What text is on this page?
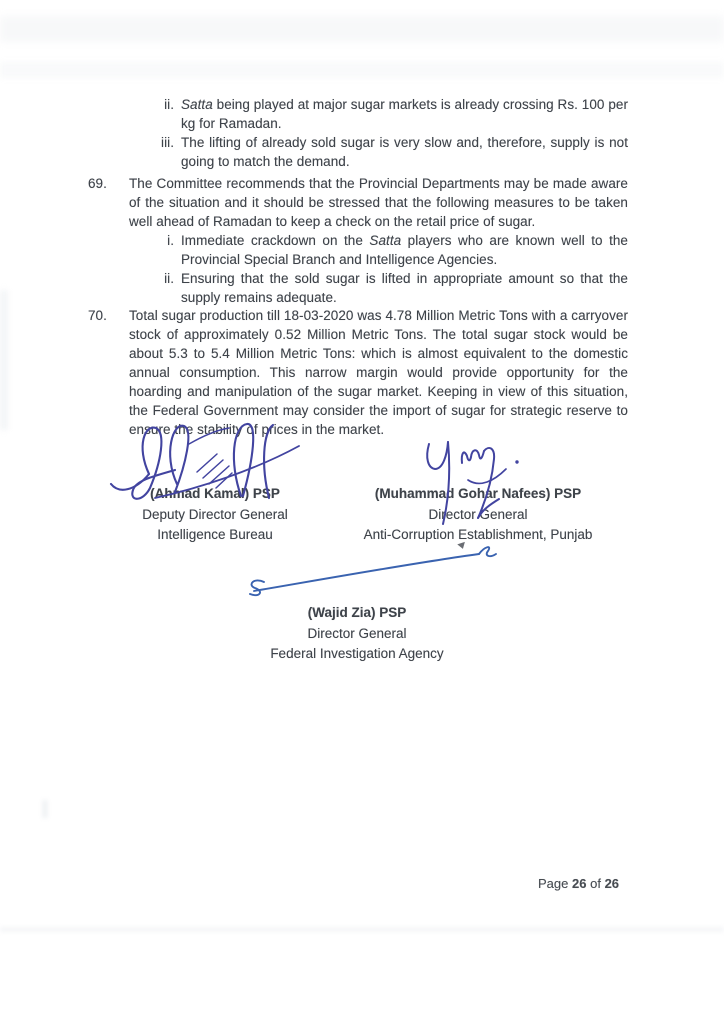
ii. Satta being played at major sugar markets is already crossing Rs. 100 per kg for Ramadan.
iii. The lifting of already sold sugar is very slow and, therefore, supply is not going to match the demand.
69.	The Committee recommends that the Provincial Departments may be made aware of the situation and it should be stressed that the following measures to be taken well ahead of Ramadan to keep a check on the retail price of sugar.
i. Immediate crackdown on the Satta players who are known well to the Provincial Special Branch and Intelligence Agencies.
ii. Ensuring that the sold sugar is lifted in appropriate amount so that the supply remains adequate.
70.	Total sugar production till 18-03-2020 was 4.78 Million Metric Tons with a carryover stock of approximately 0.52 Million Metric Tons. The total sugar stock would be about 5.3 to 5.4 Million Metric Tons: which is almost equivalent to the domestic annual consumption. This narrow margin would provide opportunity for the hoarding and manipulation of the sugar market. Keeping in view of this situation, the Federal Government may consider the import of sugar for strategic reserve to ensure the stability of prices in the market.
(Ahmad Kamal) PSP
Deputy Director General
Intelligence Bureau
(Muhammad Gohar Nafees) PSP
Director General
Anti-Corruption Establishment, Punjab
(Wajid Zia) PSP
Director General
Federal Investigation Agency
Page 26 of 26
